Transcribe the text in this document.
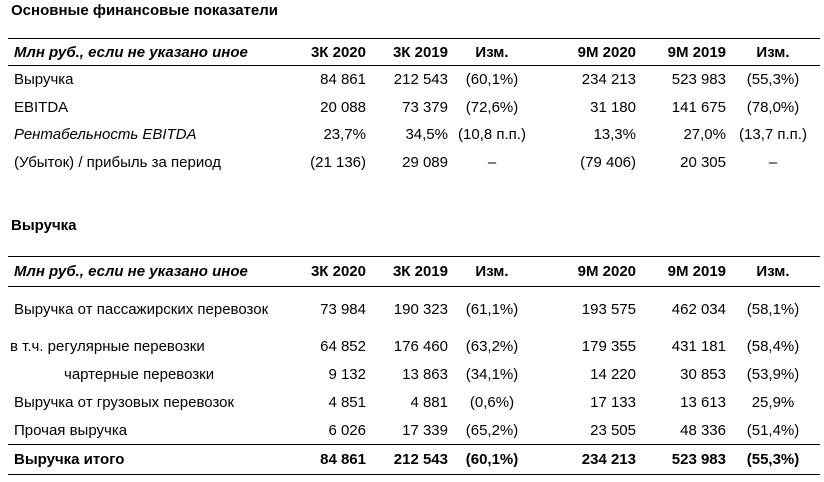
Основные финансовые показатели
Млн руб., если не указано иное	3К 2020	3К 2019	Изм.	9М 2020	9М 2019	Изм.
Выручка	84 861	212 543	(60,1%)	234 213	523 983	(55,3%)
EBITDA	20 088	73 379	(72,6%)	31 180	141 675	(78,0%)
Рентабельность EBITDA	23,7%	34,5%	(10,8 п.п.)	13,3%	27,0%	(13,7 п.п.)
(Убыток) / прибыль за период	(21 136)	29 089	–	(79 406)	20 305	–
Выручка
Млн руб., если не указано иное	3К 2020	3К 2019	Изм.	9М 2020	9М 2019	Изм.
Выручка от пассажирских перевозок	73 984	190 323	(61,1%)	193 575	462 034	(58,1%)
в т.ч. регулярные перевозки	64 852	176 460	(63,2%)	179 355	431 181	(58,4%)
чартерные перевозки	9 132	13 863	(34,1%)	14 220	30 853	(53,9%)
Выручка от грузовых перевозок	4 851	4 881	(0,6%)	17 133	13 613	25,9%
Прочая выручка	6 026	17 339	(65,2%)	23 505	48 336	(51,4%)
Выручка итого	84 861	212 543	(60,1%)	234 213	523 983	(55,3%)
